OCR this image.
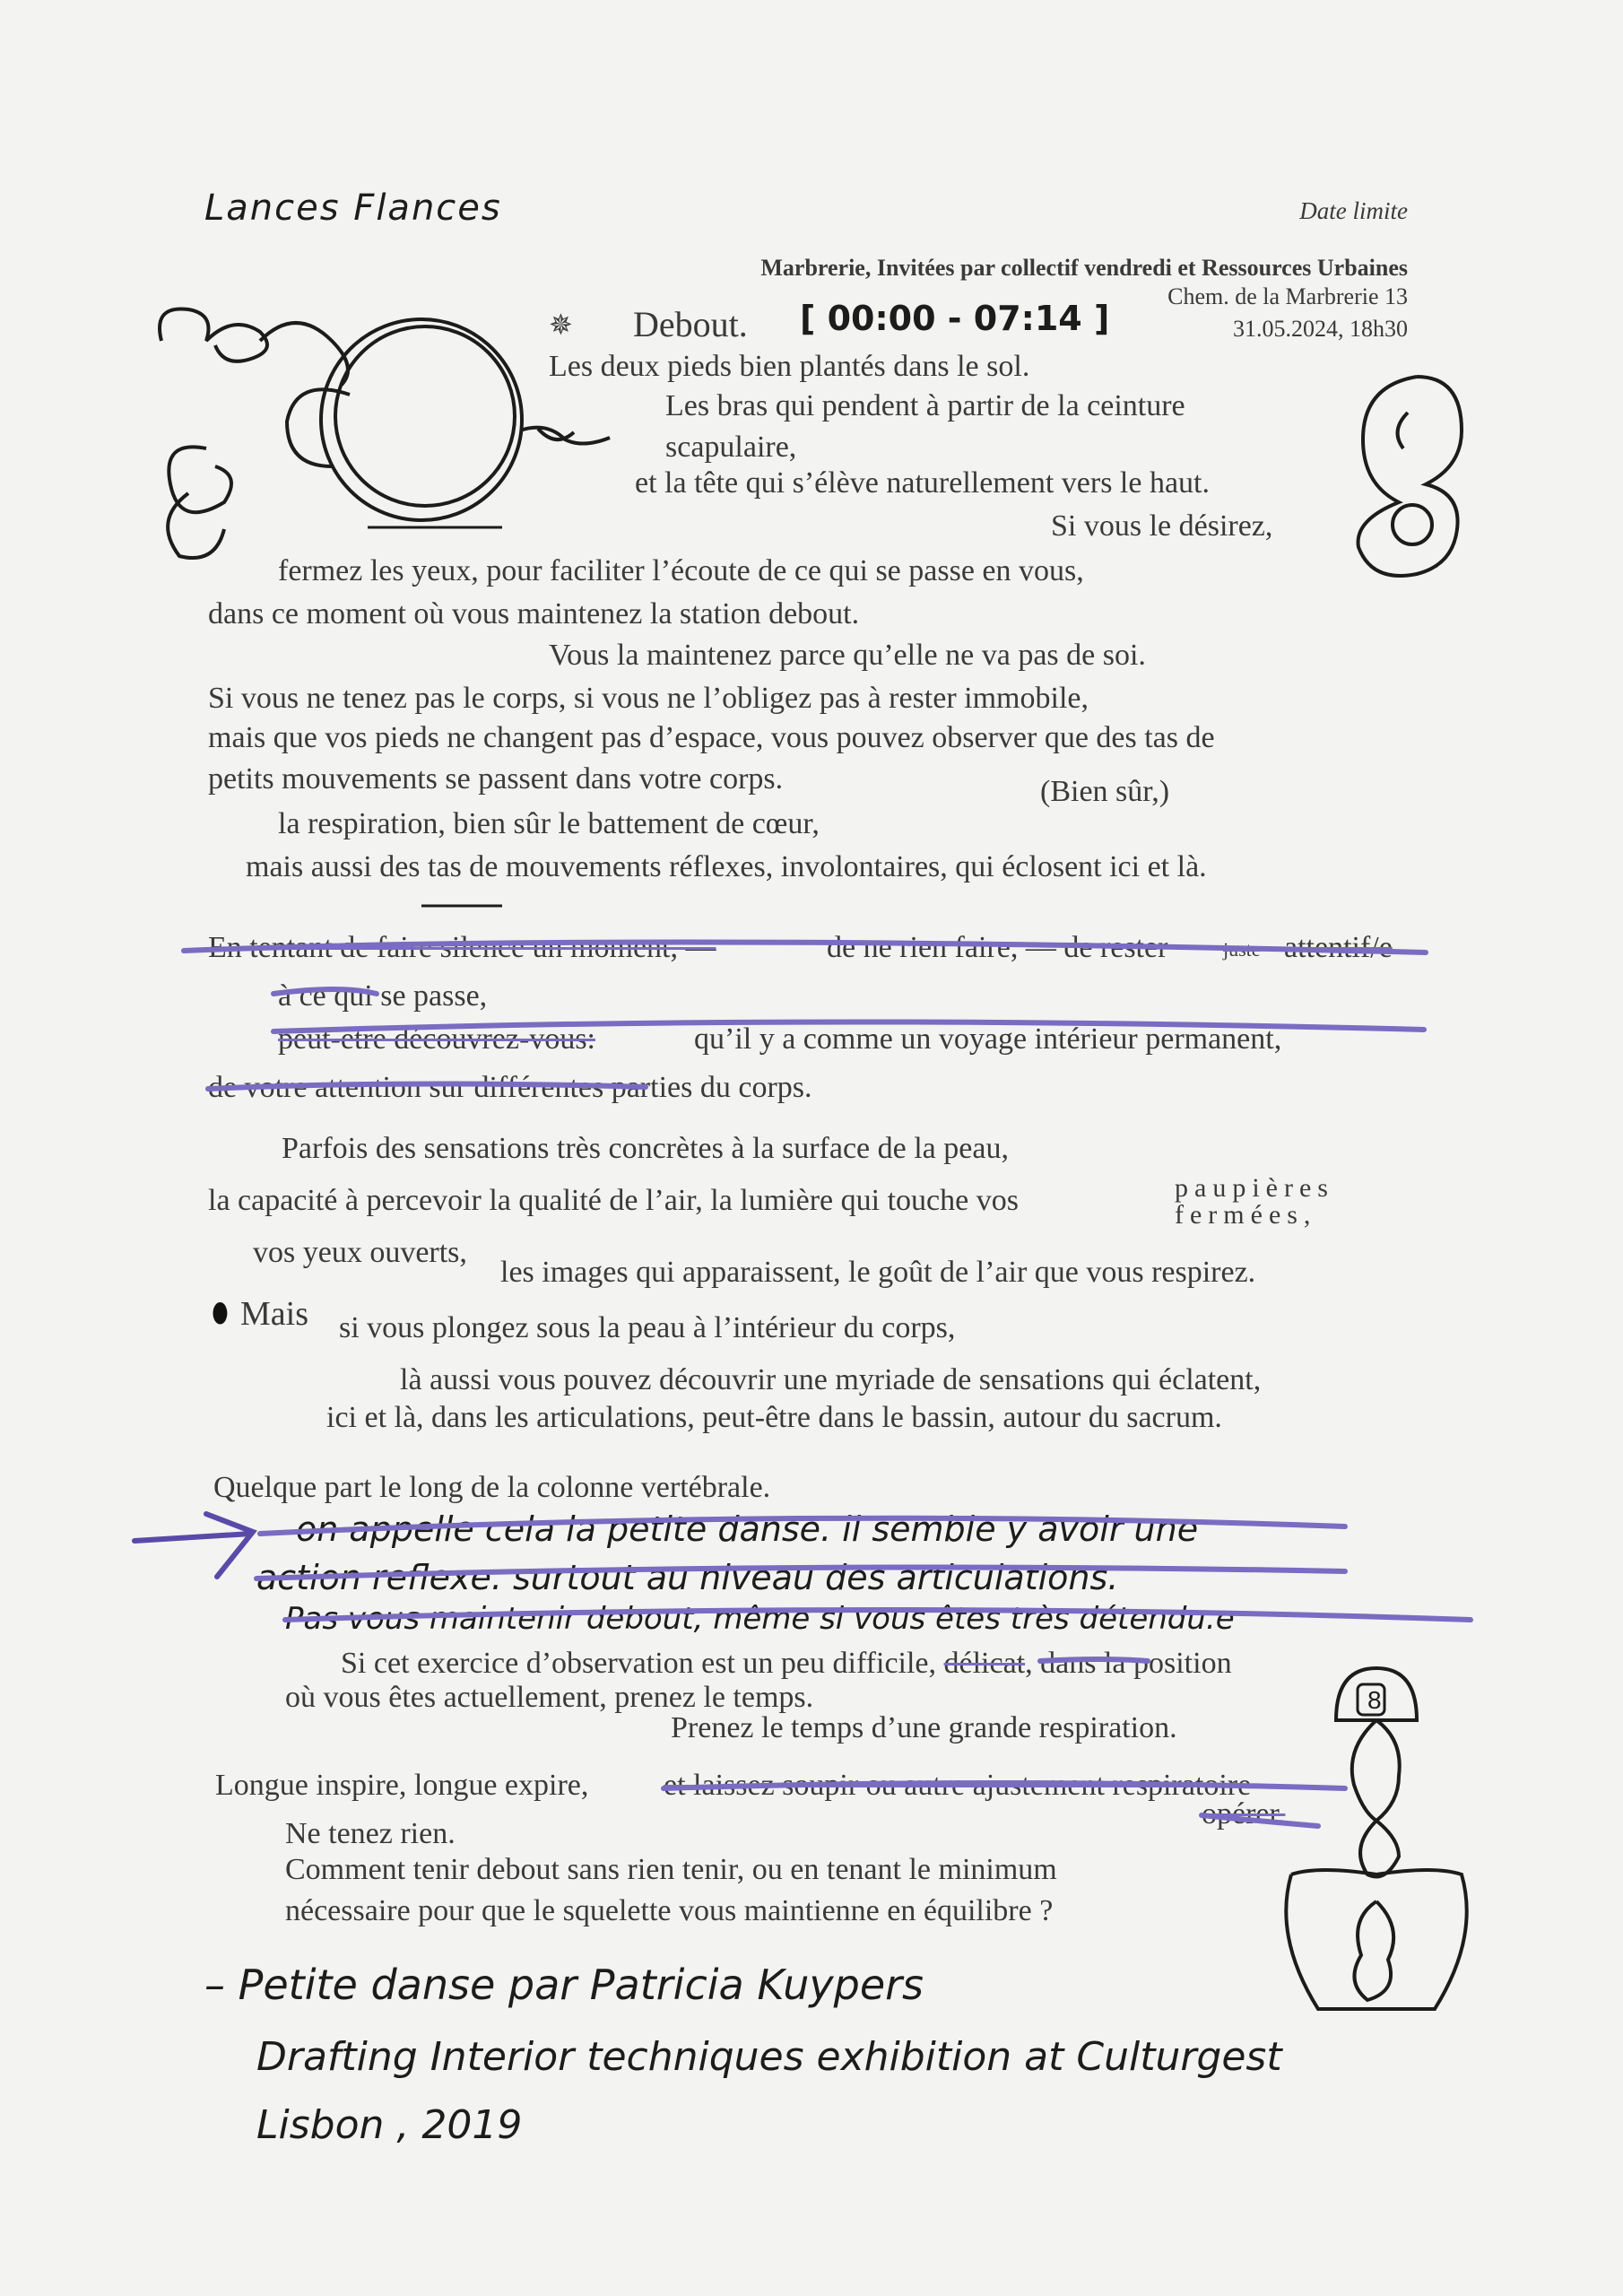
Lances Flances	Date limite
Marbrerie, Invitées par collectif vendredi et Ressources Urbaines
Chem. de la Marbrerie 13
31.05.2024, 18h30
✵ Debout. [ 00:00 - 07:14 ]
Les deux pieds bien plantés dans le sol.
Les bras qui pendent à partir de la ceinture
scapulaire,
et la tête qui s’élève naturellement vers le haut.
Si vous le désirez,
fermez les yeux, pour faciliter l’écoute de ce qui se passe en vous,
dans ce moment où vous maintenez la station debout.
Vous la maintenez parce qu’elle ne va pas de soi.
Si vous ne tenez pas le corps, si vous ne l’obligez pas à rester immobile,
mais que vos pieds ne changent pas d’espace, vous pouvez observer que des tas de
petits mouvements se passent dans votre corps.	(Bien sûr,)
la respiration, bien sûr le battement de cœur,
mais aussi des tas de mouvements réflexes, involontaires, qui éclosent ici et là.
En tentant de faire silence un moment, —	de ne rien faire, — de rester	juste attentif/e
à ce qui se passe,
peut-être découvrez-vous:	qu’il y a comme un voyage intérieur permanent,
de votre attention sur différentes parties du corps.
Parfois des sensations très concrètes à la surface de la peau,
la capacité à percevoir la qualité de l’air, la lumière qui touche vos	paupières
fermées,
vos yeux ouverts,
les images qui apparaissent, le goût de l’air que vous respirez.
⬮ Mais si vous plongez sous la peau à l’intérieur du corps,
là aussi vous pouvez découvrir une myriade de sensations qui éclatent,
ici et là, dans les articulations, peut-être dans le bassin, autour du sacrum.
Quelque part le long de la colonne vertébrale.
on appelle cela la petite danse. il semble y avoir une
action reflexe. surtout au niveau des articulations.
Pas vous maintenir debout, même si vous êtes très détendu.e
Si cet exercice d’observation est un peu difficile, délicat, dans la position
où vous êtes actuellement, prenez le temps.
Prenez le temps d’une grande respiration.
Longue inspire, longue expire, et laissez soupir ou autre ajustement respiratoire
opérer.
Ne tenez rien.
Comment tenir debout sans rien tenir, ou en tenant le minimum
nécessaire pour que le squelette vous maintienne en équilibre ?
– Petite danse par Patricia Kuypers
Drafting Interior techniques exhibition at Culturgest
Lisbon , 2019
8
